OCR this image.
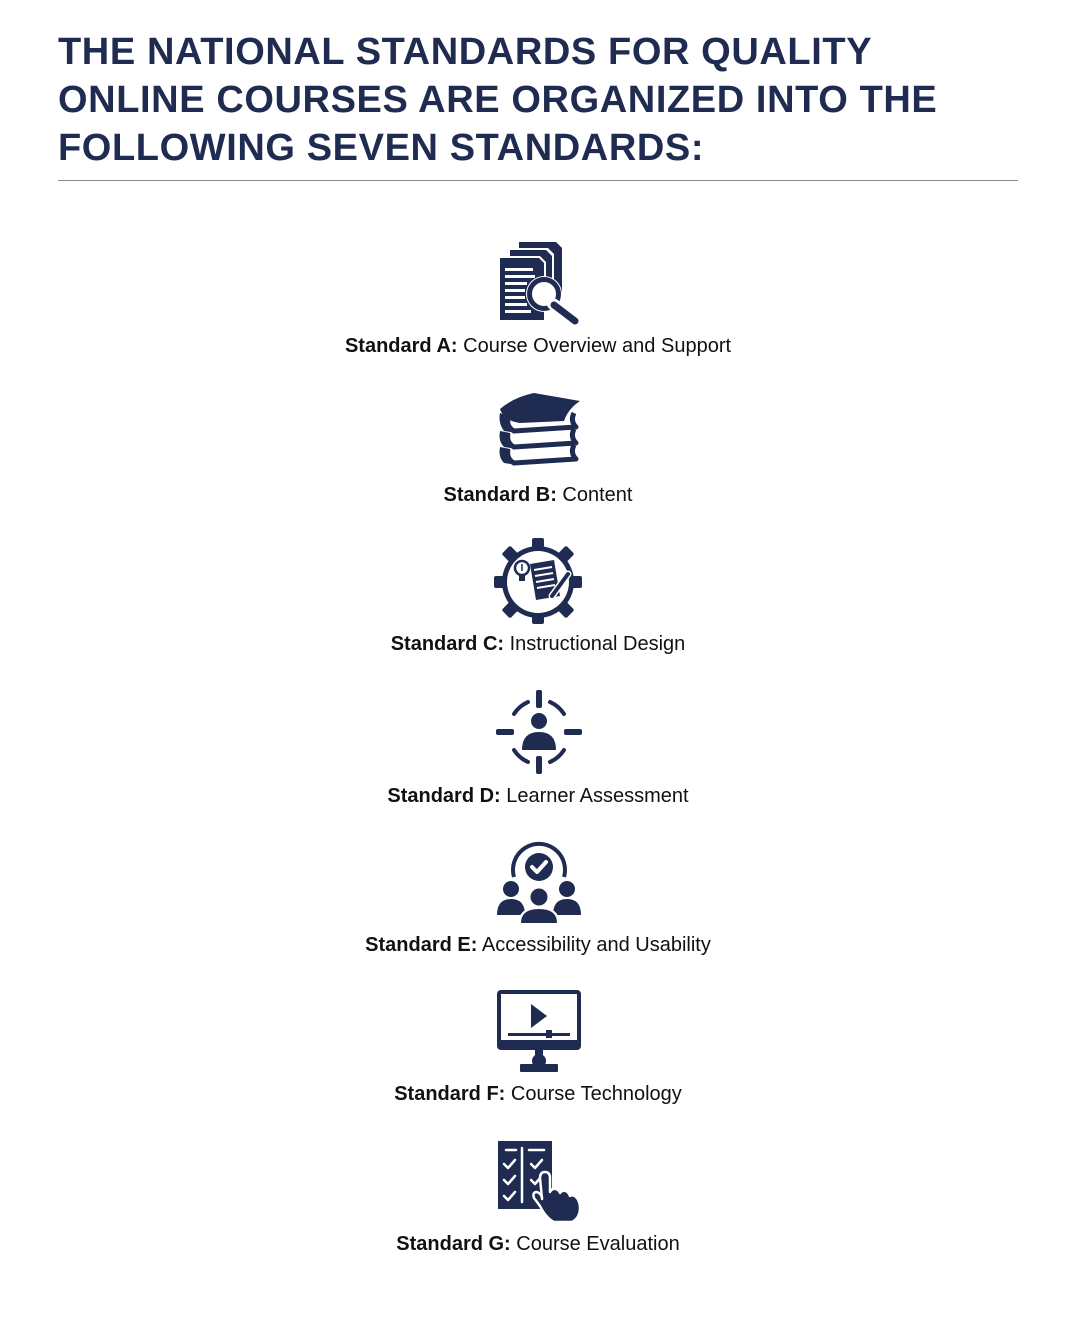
THE NATIONAL STANDARDS FOR QUALITY ONLINE COURSES ARE ORGANIZED INTO THE FOLLOWING SEVEN STANDARDS:
Standard A: Course Overview and Support
Standard B: Content
Standard C: Instructional Design
Standard D: Learner Assessment
Standard E: Accessibility and Usability
Standard F: Course Technology
Standard G: Course Evaluation
